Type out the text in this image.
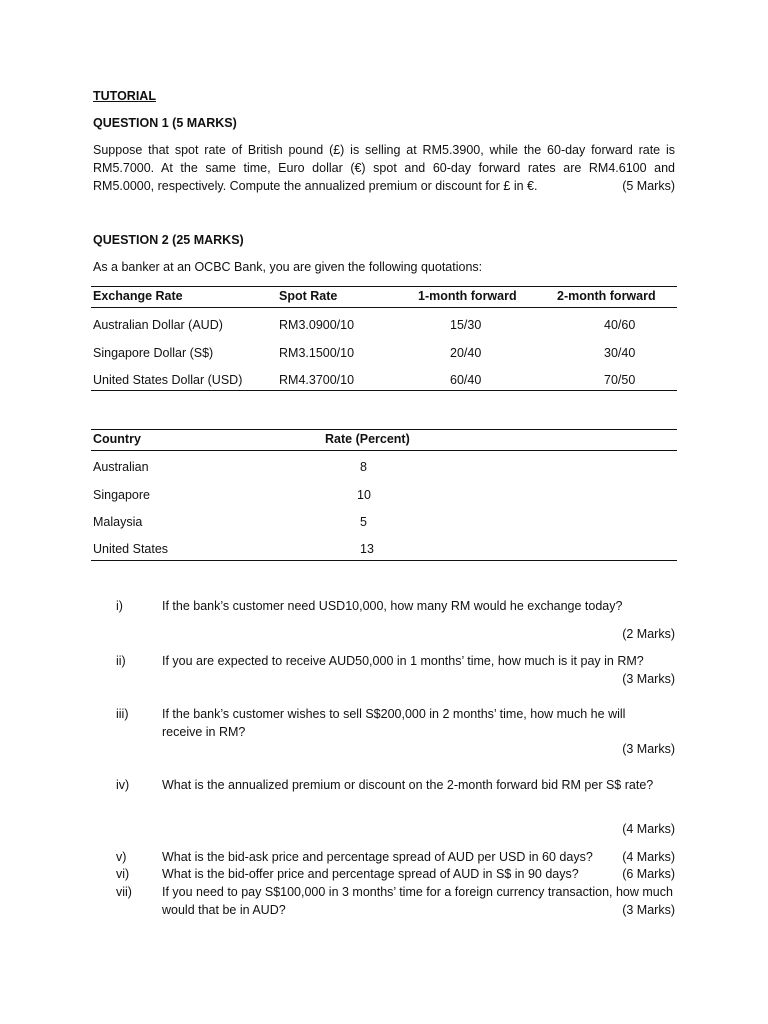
TUTORIAL
QUESTION 1 (5 MARKS)
Suppose that spot rate of British pound (£) is selling at RM5.3900, while the 60-day forward rate is RM5.7000. At the same time, Euro dollar (€) spot and 60-day forward rates are RM4.6100 and RM5.0000, respectively. Compute the annualized premium or discount for £ in €.	(5 Marks)
QUESTION 2 (25 MARKS)
As a banker at an OCBC Bank, you are given the following quotations:
Exchange Rate	Spot Rate	1-month forward	2-month forward
Australian Dollar (AUD)	RM3.0900/10	15/30	40/60
Singapore Dollar (S$)	RM3.1500/10	20/40	30/40
United States Dollar (USD)	RM4.3700/10	60/40	70/50
Country	Rate (Percent)
Australian	8
Singapore	10
Malaysia	5
United States	13
i)	If the bank’s customer need USD10,000, how many RM would he exchange today?
(2 Marks)
ii)	If you are expected to receive AUD50,000 in 1 months’ time, how much is it pay in RM?
(3 Marks)
iii)	If the bank’s customer wishes to sell S$200,000 in 2 months’ time, how much he will receive in RM?
(3 Marks)
iv)	What is the annualized premium or discount on the 2-month forward bid RM per S$ rate?
(4 Marks)
v)	What is the bid-ask price and percentage spread of AUD per USD in 60 days?	(4 Marks)
vi)	What is the bid-offer price and percentage spread of AUD in S$ in 90 days?	(6 Marks)
vii) If you need to pay S$100,000 in 3 months’ time for a foreign currency transaction, how much would that be in AUD?	(3 Marks)
